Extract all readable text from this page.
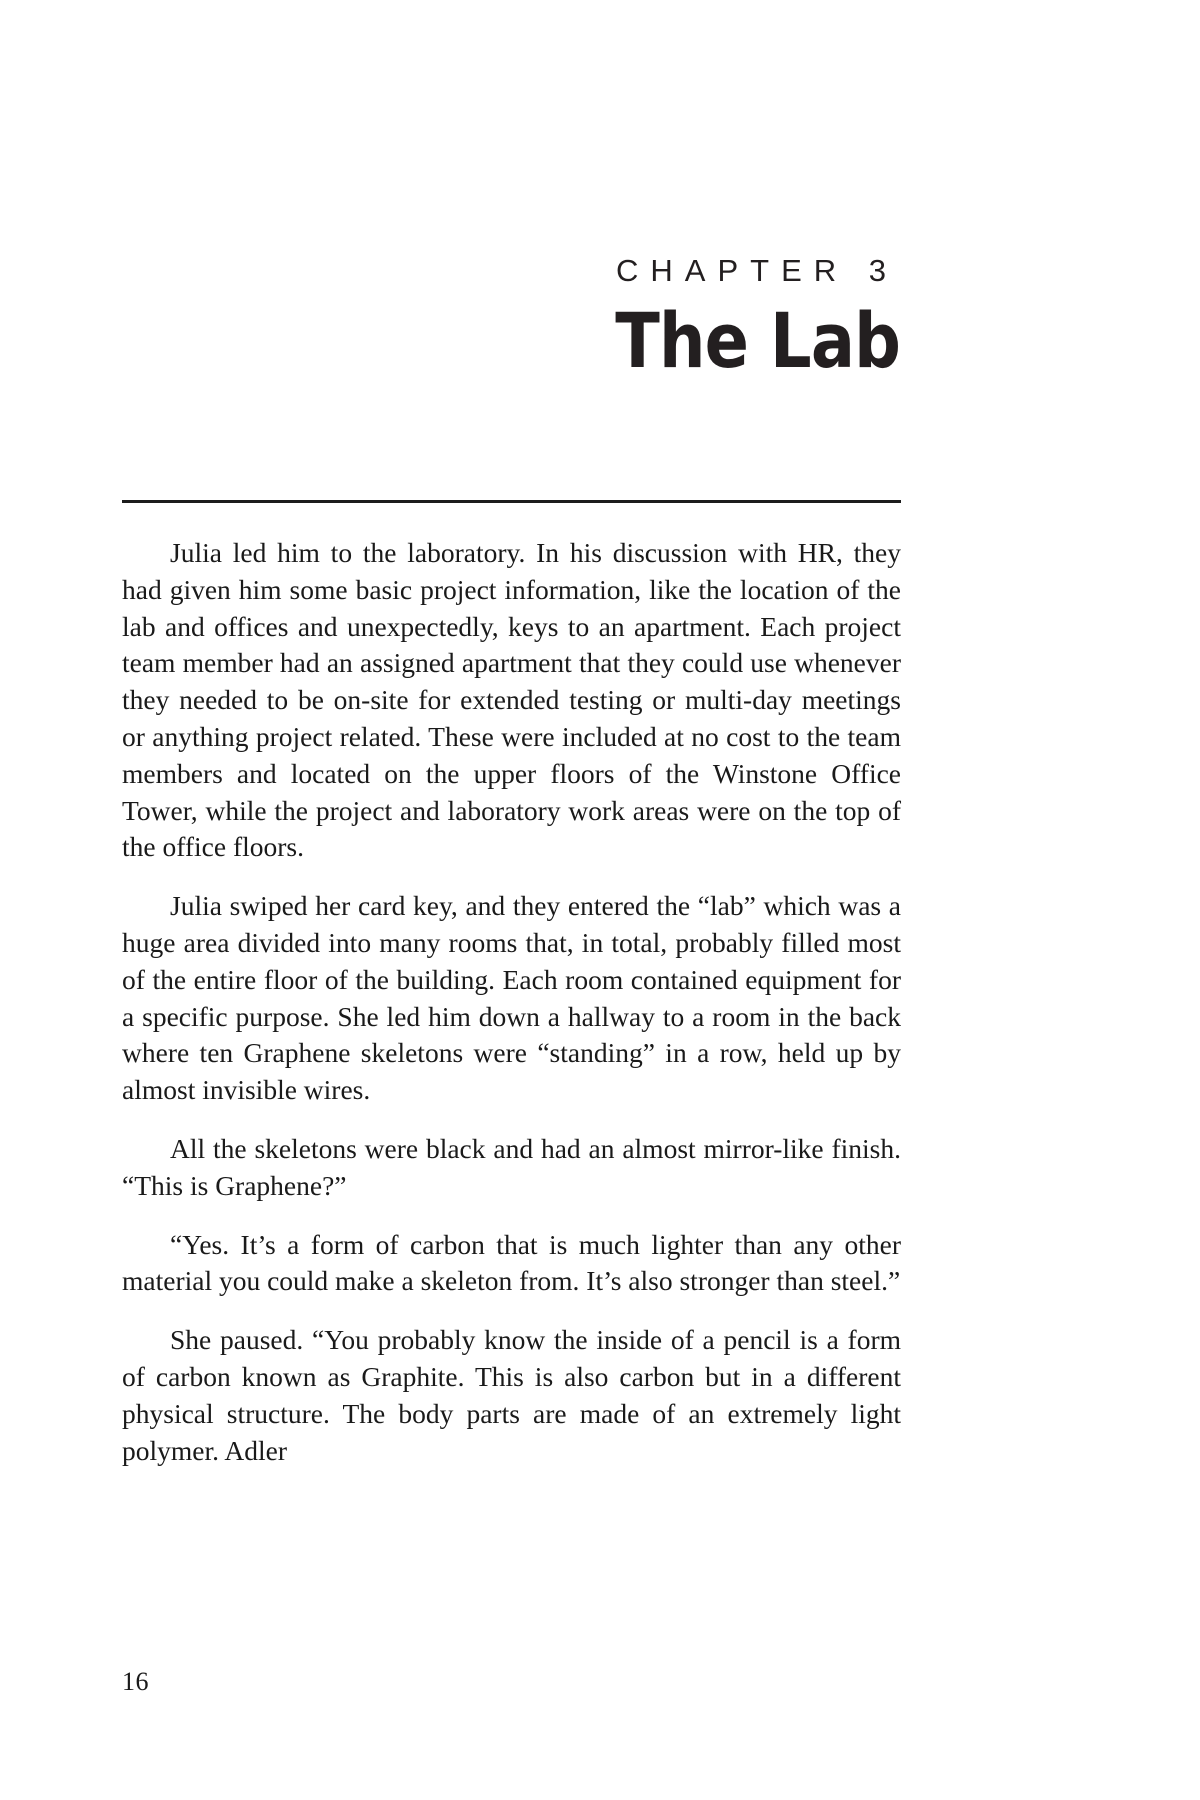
CHAPTER 3
The Lab

Julia led him to the laboratory. In his discussion with HR, they had given him some basic project information, like the location of the lab and offices and unexpectedly, keys to an apartment. Each project team member had an assigned apartment that they could use whenever they needed to be on-site for extended testing or multi-day meetings or anything project related. These were included at no cost to the team members and located on the upper floors of the Winstone Office Tower, while the project and laboratory work areas were on the top of the office floors.

Julia swiped her card key, and they entered the “lab” which was a huge area divided into many rooms that, in total, probably filled most of the entire floor of the building. Each room contained equipment for a specific purpose. She led him down a hallway to a room in the back where ten Graphene skeletons were “standing” in a row, held up by almost invisible wires.

All the skeletons were black and had an almost mirror-like finish. “This is Graphene?”

“Yes. It’s a form of carbon that is much lighter than any other material you could make a skeleton from. It’s also stronger than steel.”

She paused. “You probably know the inside of a pencil is a form of carbon known as Graphite. This is also carbon but in a different physical structure. The body parts are made of an extremely light polymer. Adler

16
